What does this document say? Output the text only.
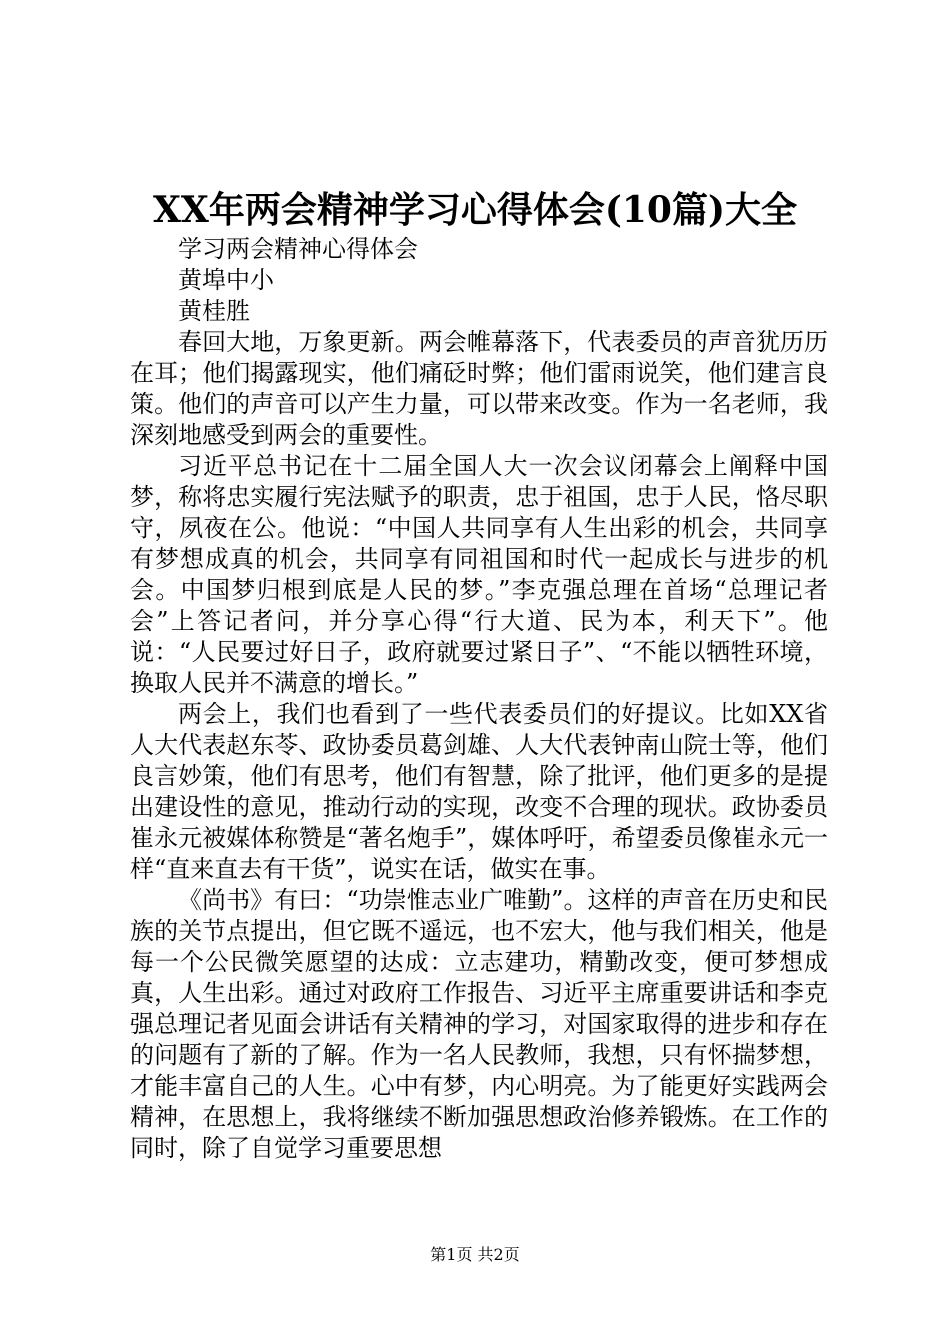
XX年两会精神学习心得体会(10篇)大全

学习两会精神心得体会

黄埠中小

黄桂胜

春回大地，万象更新。两会帷幕落下，代表委员的声音犹历历在耳；他们揭露现实，他们痛砭时弊；他们雷雨说笑，他们建言良策。他们的声音可以产生力量，可以带来改变。作为一名老师，我深刻地感受到两会的重要性。

习近平总书记在十二届全国人大一次会议闭幕会上阐释中国梦，称将忠实履行宪法赋予的职责，忠于祖国，忠于人民，恪尽职守，夙夜在公。他说：“中国人共同享有人生出彩的机会，共同享有梦想成真的机会，共同享有同祖国和时代一起成长与进步的机会。中国梦归根到底是人民的梦。”李克强总理在首场“总理记者会”上答记者问，并分享心得“行大道、民为本，利天下”。他说：“人民要过好日子，政府就要过紧日子”、“不能以牺牲环境，换取人民并不满意的增长。”

两会上，我们也看到了一些代表委员们的好提议。比如XX省人大代表赵东苓、政协委员葛剑雄、人大代表钟南山院士等，他们良言妙策，他们有思考，他们有智慧，除了批评，他们更多的是提出建设性的意见，推动行动的实现，改变不合理的现状。政协委员崔永元被媒体称赞是“著名炮手”，媒体呼吁，希望委员像崔永元一样“直来直去有干货”，说实在话，做实在事。

《尚书》有曰：“功崇惟志业广唯勤”。这样的声音在历史和民族的关节点提出，但它既不遥远，也不宏大，他与我们相关，他是每一个公民微笑愿望的达成：立志建功，精勤改变，便可梦想成真，人生出彩。通过对政府工作报告、习近平主席重要讲话和李克强总理记者见面会讲话有关精神的学习，对国家取得的进步和存在的问题有了新的了解。作为一名人民教师，我想，只有怀揣梦想，才能丰富自己的人生。心中有梦，内心明亮。为了能更好实践两会精神，在思想上，我将继续不断加强思想政治修养锻炼。在工作的同时，除了自觉学习重要思想

第1页 共2页
